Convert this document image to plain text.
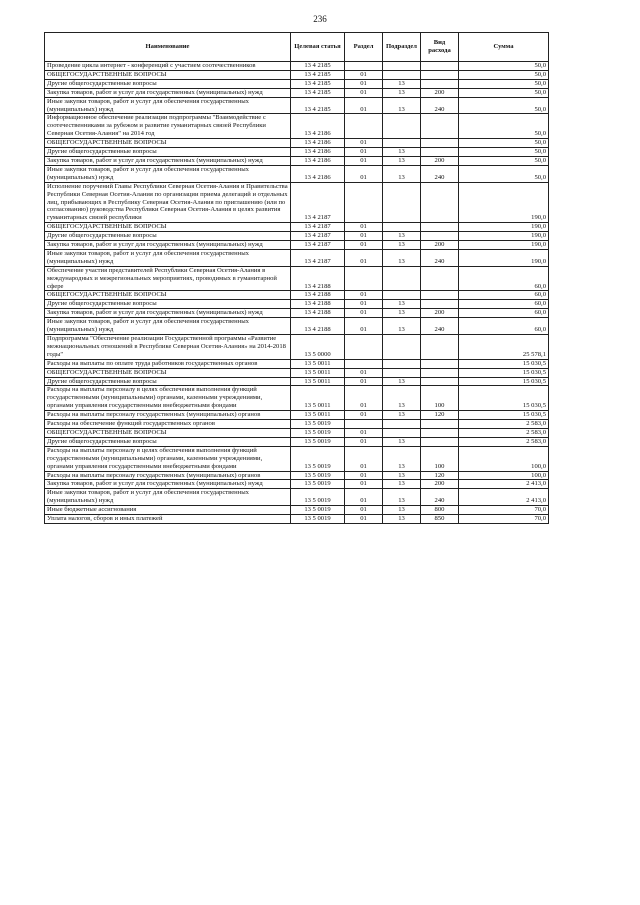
236
Наименование	Целевая статья	Раздел	Подраздел	Вид расхода	Сумма
Проведение цикла интернет - конференций с участием соотечественников	13 4 2185				50,0
ОБЩЕГОСУДАРСТВЕННЫЕ ВОПРОСЫ	13 4 2185	01			50,0
Другие общегосударственные вопросы	13 4 2185	01	13		50,0
Закупка товаров, работ и услуг для государственных (муниципальных) нужд	13 4 2185	01	13	200	50,0
Иные закупки товаров, работ и услуг для обеспечения государственных (муниципальных) нужд	13 4 2185	01	13	240	50,0
Информационное обеспечение реализации подпрограммы "Взаимодействие с соотечественниками за рубежом и развитие гуманитарных связей Республики Северная Осетия-Алания" на 2014 год	13 4 2186				50,0
ОБЩЕГОСУДАРСТВЕННЫЕ ВОПРОСЫ	13 4 2186	01			50,0
Другие общегосударственные вопросы	13 4 2186	01	13		50,0
Закупка товаров, работ и услуг для государственных (муниципальных) нужд	13 4 2186	01	13	200	50,0
Иные закупки товаров, работ и услуг для обеспечения государственных (муниципальных) нужд	13 4 2186	01	13	240	50,0
Исполнение поручений Главы Республики Северная Осетия-Алания и Правительства Республики Северная Осетия-Алания по организации приема делегаций и отдельных лиц, прибывающих в Республику Северная Осетия-Алания по приглашению (или по согласованию) руководства Республики Северная Осетия-Алания в целях развития гуманитарных связей республики	13 4 2187				190,0
ОБЩЕГОСУДАРСТВЕННЫЕ ВОПРОСЫ	13 4 2187	01			190,0
Другие общегосударственные вопросы	13 4 2187	01	13		190,0
Закупка товаров, работ и услуг для государственных (муниципальных) нужд	13 4 2187	01	13	200	190,0
Иные закупки товаров, работ и услуг для обеспечения государственных (муниципальных) нужд	13 4 2187	01	13	240	190,0
Обеспечение участия представителей Республики Северная Осетия-Алания в международных и межрегиональных мероприятиях, проводимых в гуманитарной сфере	13 4 2188				60,0
ОБЩЕГОСУДАРСТВЕННЫЕ ВОПРОСЫ	13 4 2188	01			60,0
Другие общегосударственные вопросы	13 4 2188	01	13		60,0
Закупка товаров, работ и услуг для государственных (муниципальных) нужд	13 4 2188	01	13	200	60,0
Иные закупки товаров, работ и услуг для обеспечения государственных (муниципальных) нужд	13 4 2188	01	13	240	60,0
Подпрограмма "Обеспечение реализации Государственной программы «Развитие межнациональных отношений в Республике Северная Осетия-Алания» на 2014-2018 годы"	13 5 0000				25 578,1
Расходы на выплаты по оплате труда работников государственных органов	13 5 0011				15 030,5
ОБЩЕГОСУДАРСТВЕННЫЕ ВОПРОСЫ	13 5 0011	01			15 030,5
Другие общегосударственные вопросы	13 5 0011	01	13		15 030,5
Расходы на выплаты персоналу в целях обеспечения выполнения функций государственными (муниципальными) органами, казенными учреждениями, органами управления государственными внебюджетными фондами	13 5 0011	01	13	100	15 030,5
Расходы на выплаты персоналу государственных (муниципальных) органов	13 5 0011	01	13	120	15 030,5
Расходы на обеспечение функций государственных органов	13 5 0019				2 583,0
ОБЩЕГОСУДАРСТВЕННЫЕ ВОПРОСЫ	13 5 0019	01			2 583,0
Другие общегосударственные вопросы	13 5 0019	01	13		2 583,0
Расходы на выплаты персоналу в целях обеспечения выполнения функций государственными (муниципальными) органами, казенными учреждениями, органами управления государственными внебюджетными фондами	13 5 0019	01	13	100	100,0
Расходы на выплаты персоналу государственных (муниципальных) органов	13 5 0019	01	13	120	100,0
Закупка товаров, работ и услуг для государственных (муниципальных) нужд	13 5 0019	01	13	200	2 413,0
Иные закупки товаров, работ и услуг для обеспечения государственных (муниципальных) нужд	13 5 0019	01	13	240	2 413,0
Иные бюджетные ассигнования	13 5 0019	01	13	800	70,0
Уплата налогов, сборов и иных платежей	13 5 0019	01	13	850	70,0
